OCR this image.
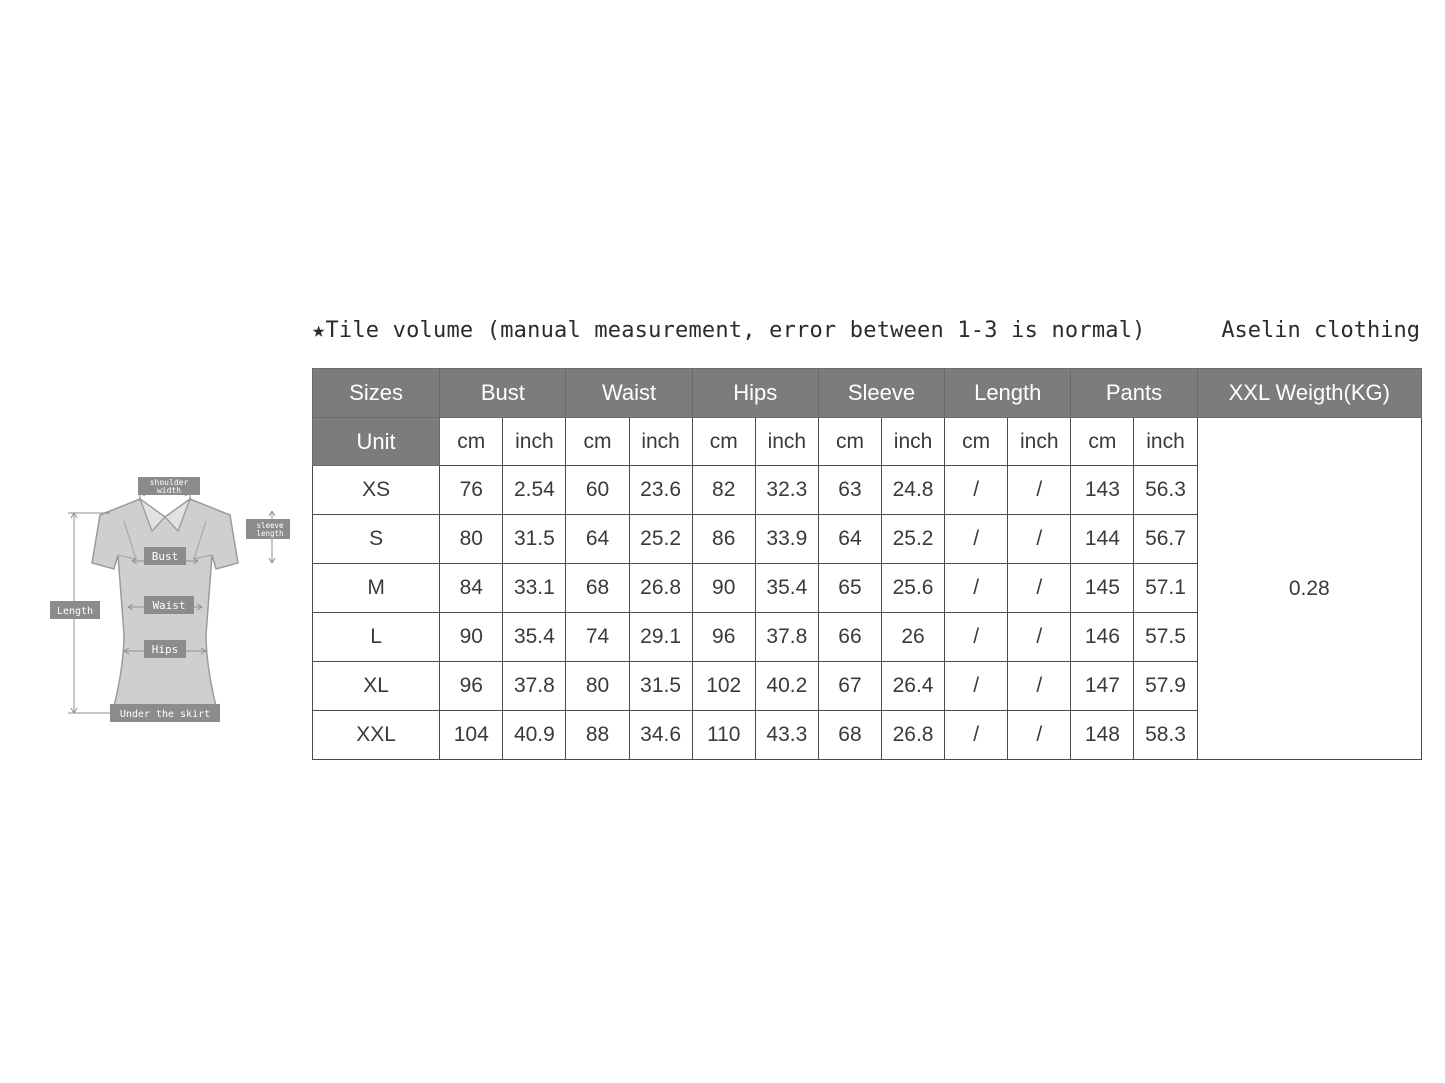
★Tile volume (manual measurement, error between 1-3 is normal)	Aselin clothing
shoulder
width
sleeve
length
Bust
Waist
Hips
Length
Under the skirt
Sizes	Bust		Waist		Hips		Sleeve		Length		Pants		XXL Weigth(KG)
Unit	cm	inch	cm	inch	cm	inch	cm	inch	cm	inch	cm	inch	0.28
XS	76	2.54	60	23.6	82	32.3	63	24.8	/	/	143	56.3	
S	80	31.5	64	25.2	86	33.9	64	25.2	/	/	144	56.7	
M	84	33.1	68	26.8	90	35.4	65	25.6	/	/	145	57.1	
L	90	35.4	74	29.1	96	37.8	66	26	/	/	146	57.5	
XL	96	37.8	80	31.5	102	40.2	67	26.4	/	/	147	57.9	
XXL	104	40.9	88	34.6	110	43.3	68	26.8	/	/	148	58.3	
